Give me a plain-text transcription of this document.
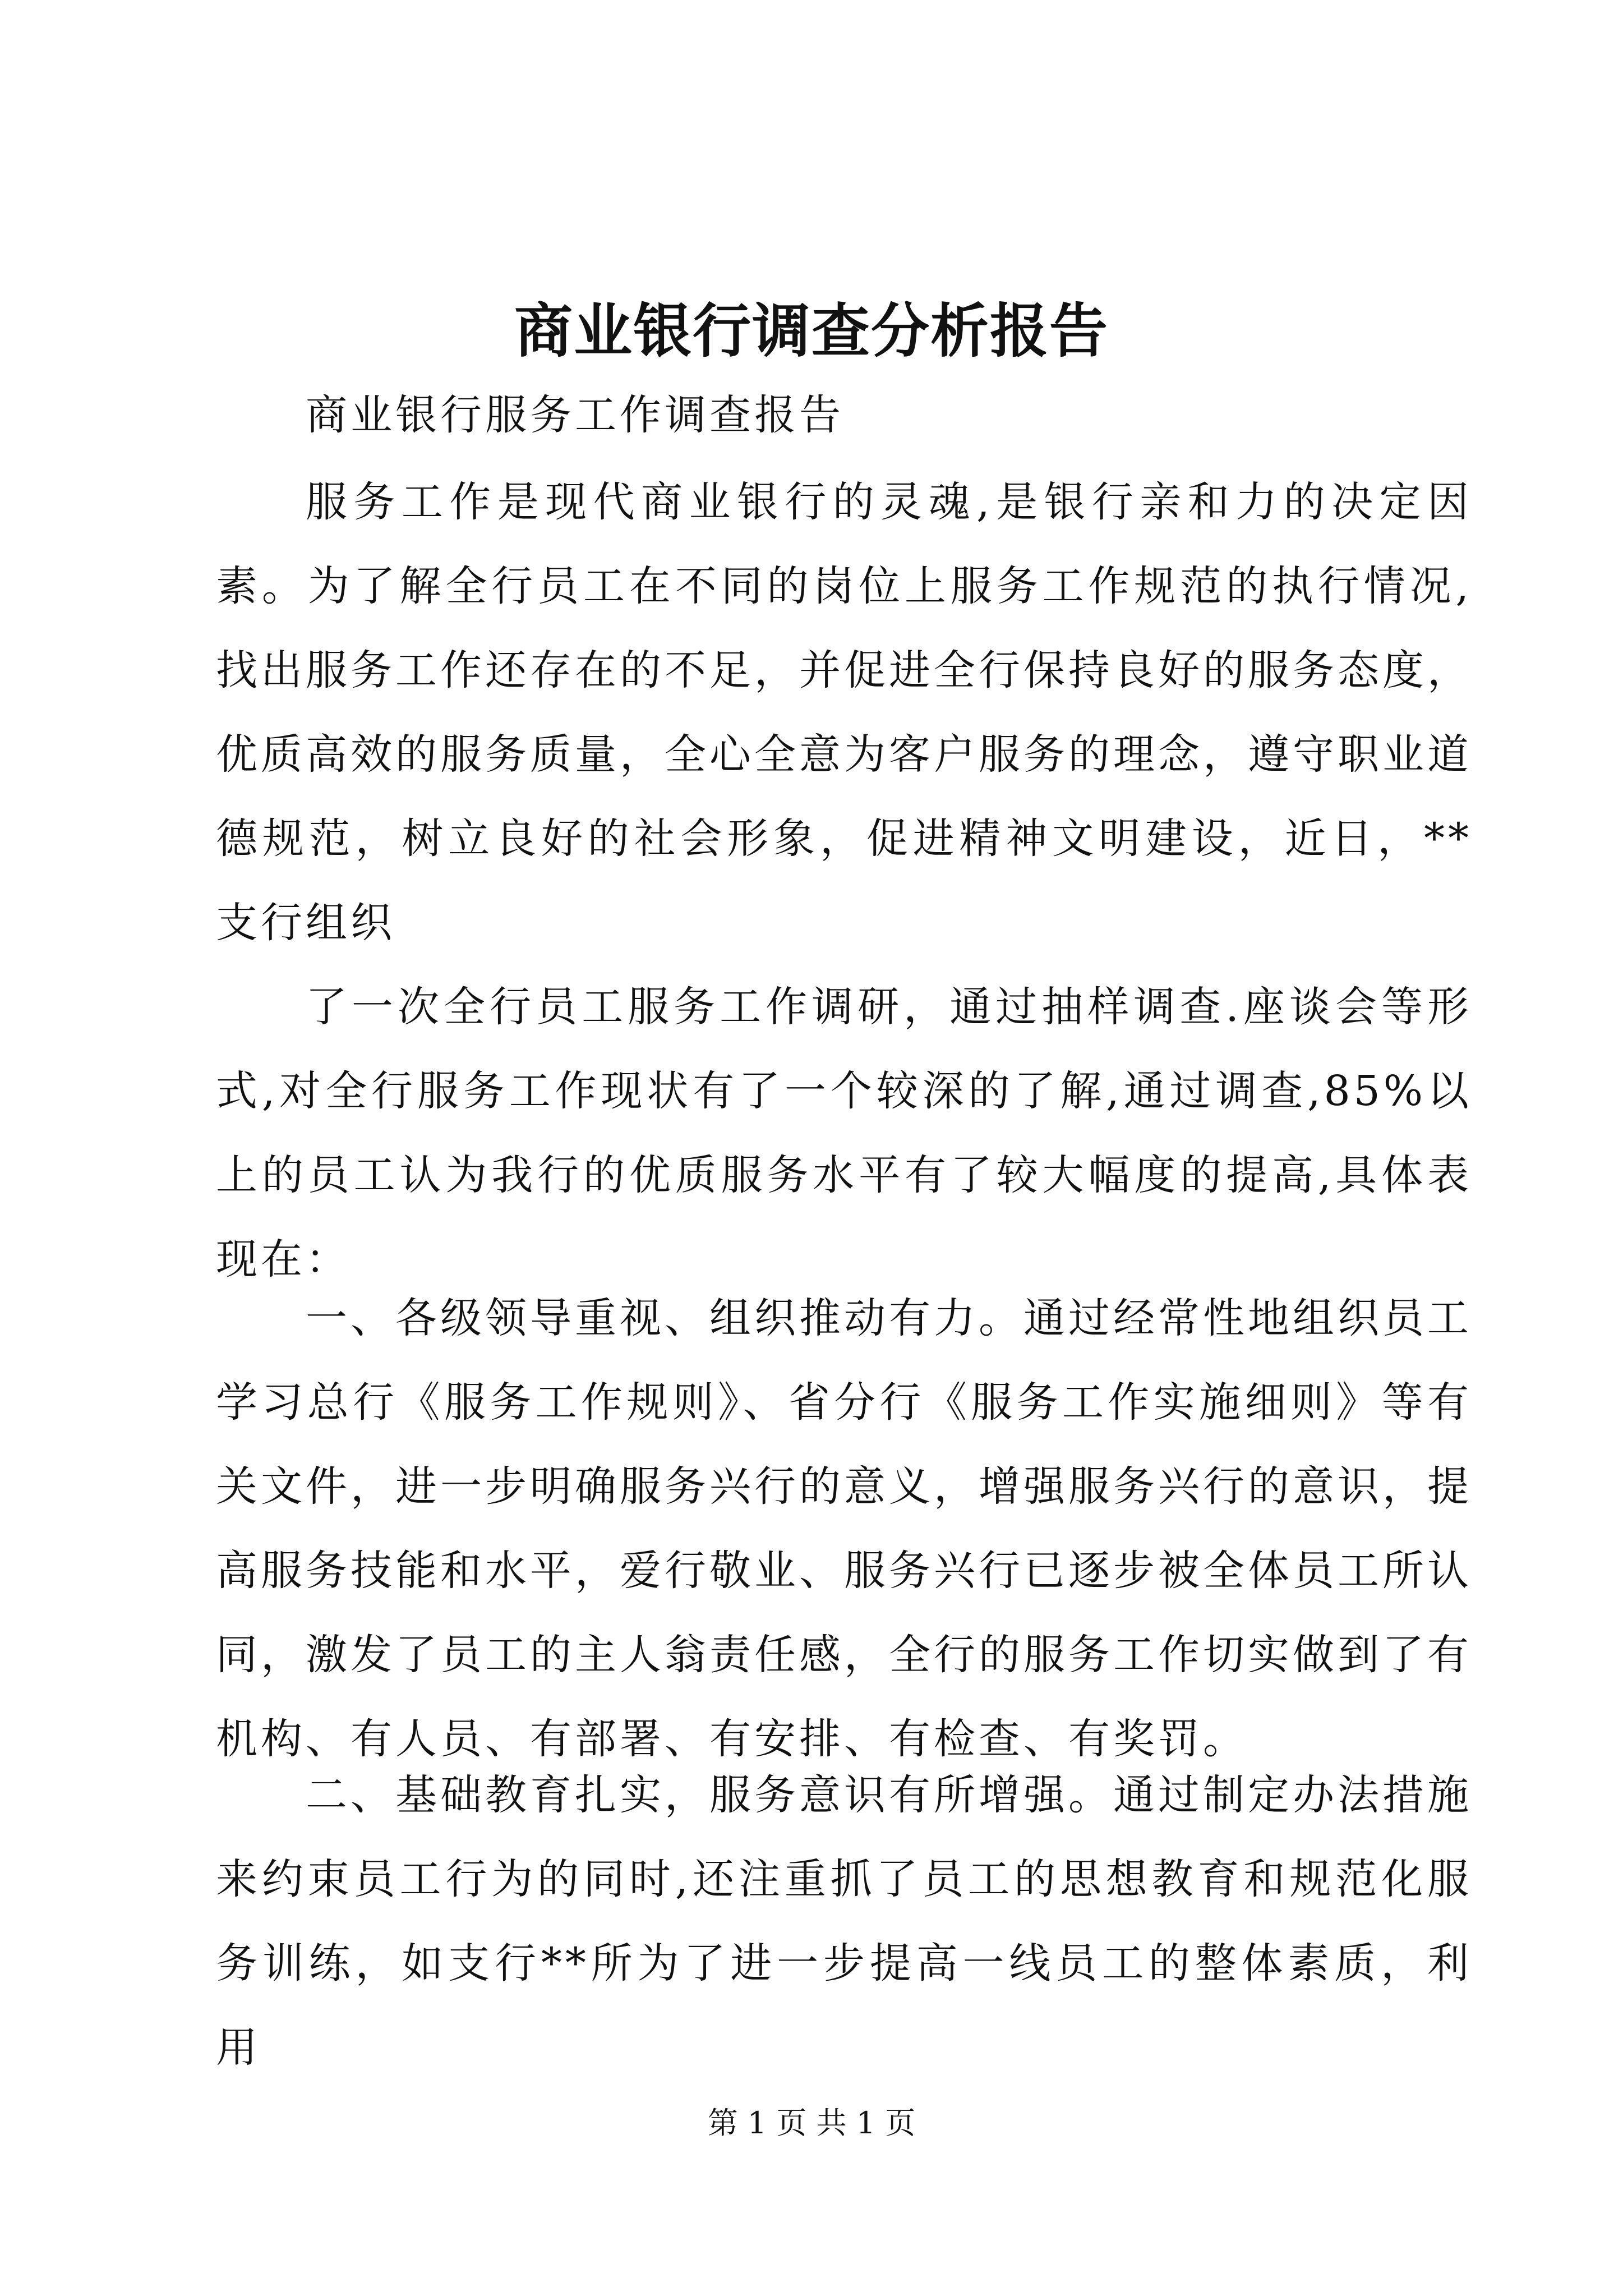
商业银行调查分析报告
商业银行服务工作调查报告

服务工作是现代商业银行的灵魂,是银行亲和力的决定因素。为了解全行员工在不同的岗位上服务工作规范的执行情况,找出服务工作还存在的不足，并促进全行保持良好的服务态度，优质高效的服务质量，全心全意为客户服务的理念，遵守职业道德规范，树立良好的社会形象，促进精神文明建设，近日，**支行组织

了一次全行员工服务工作调研，通过抽样调查.座谈会等形式,对全行服务工作现状有了一个较深的了解,通过调查,85%以上的员工认为我行的优质服务水平有了较大幅度的提高,具体表现在：

一、各级领导重视、组织推动有力。通过经常性地组织员工学习总行《服务工作规则》、省分行《服务工作实施细则》等有关文件，进一步明确服务兴行的意义，增强服务兴行的意识，提高服务技能和水平，爱行敬业、服务兴行已逐步被全体员工所认同，激发了员工的主人翁责任感，全行的服务工作切实做到了有机构、有人员、有部署、有安排、有检查、有奖罚。

二、基础教育扎实，服务意识有所增强。通过制定办法措施来约束员工行为的同时,还注重抓了员工的思想教育和规范化服务训练，如支行**所为了进一步提高一线员工的整体素质，利用

第 1 页 共 1 页
